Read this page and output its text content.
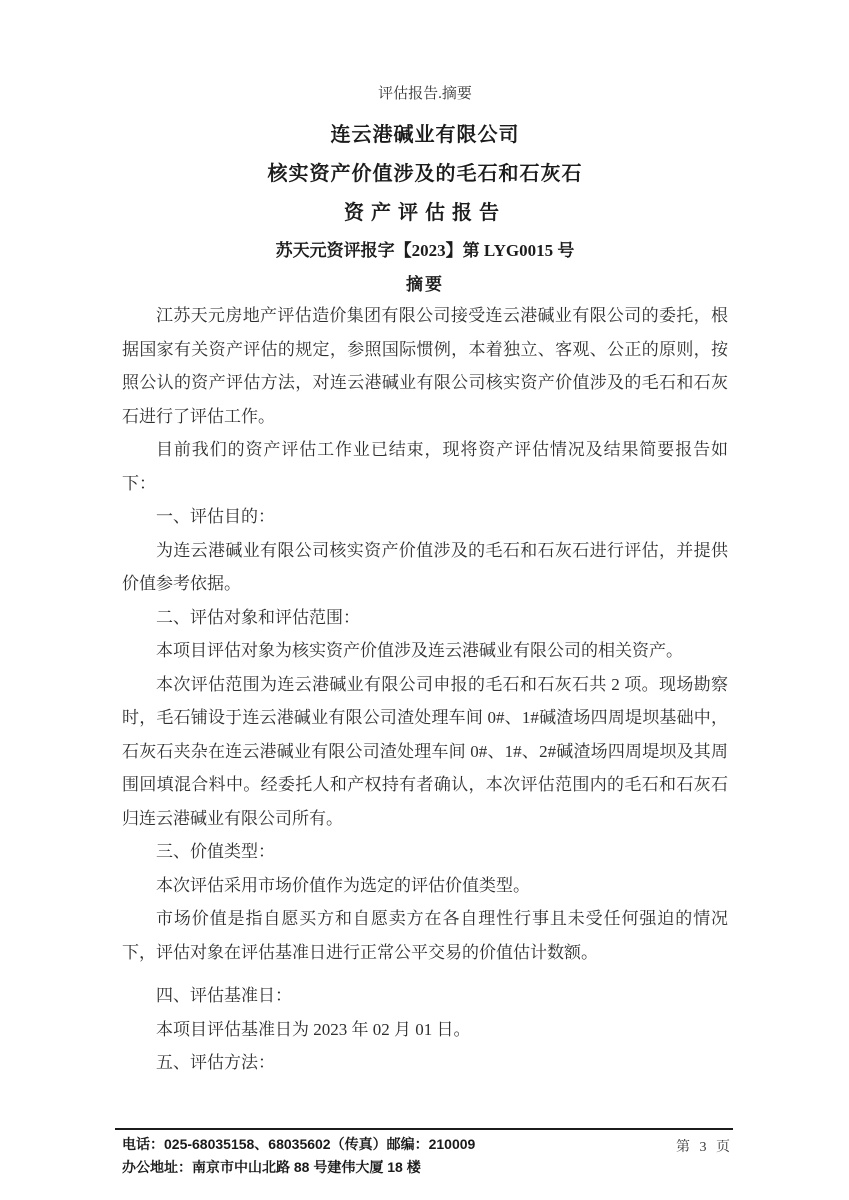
评估报告.摘要
连云港碱业有限公司
核实资产价值涉及的毛石和石灰石
资产评估报告
苏天元资评报字【2023】第 LYG0015 号
摘要

江苏天元房地产评估造价集团有限公司接受连云港碱业有限公司的委托，根据国家有关资产评估的规定，参照国际惯例，本着独立、客观、公正的原则，按照公认的资产评估方法，对连云港碱业有限公司核实资产价值涉及的毛石和石灰石进行了评估工作。

目前我们的资产评估工作业已结束，现将资产评估情况及结果简要报告如下：

一、评估目的：

为连云港碱业有限公司核实资产价值涉及的毛石和石灰石进行评估，并提供价值参考依据。

二、评估对象和评估范围：

本项目评估对象为核实资产价值涉及连云港碱业有限公司的相关资产。

本次评估范围为连云港碱业有限公司申报的毛石和石灰石共 2 项。现场勘察时，毛石铺设于连云港碱业有限公司渣处理车间 0#、1#碱渣场四周堤坝基础中，石灰石夹杂在连云港碱业有限公司渣处理车间 0#、1#、2#碱渣场四周堤坝及其周围回填混合料中。经委托人和产权持有者确认，本次评估范围内的毛石和石灰石归连云港碱业有限公司所有。

三、价值类型：

本次评估采用市场价值作为选定的评估价值类型。

市场价值是指自愿买方和自愿卖方在各自理性行事且未受任何强迫的情况下，评估对象在评估基准日进行正常公平交易的价值估计数额。

四、评估基准日：

本项目评估基准日为 2023 年 02 月 01 日。

五、评估方法：

电话：025-68035158、68035602（传真）邮编：210009
办公地址：南京市中山北路 88 号建伟大厦 18 楼
第 3 页
